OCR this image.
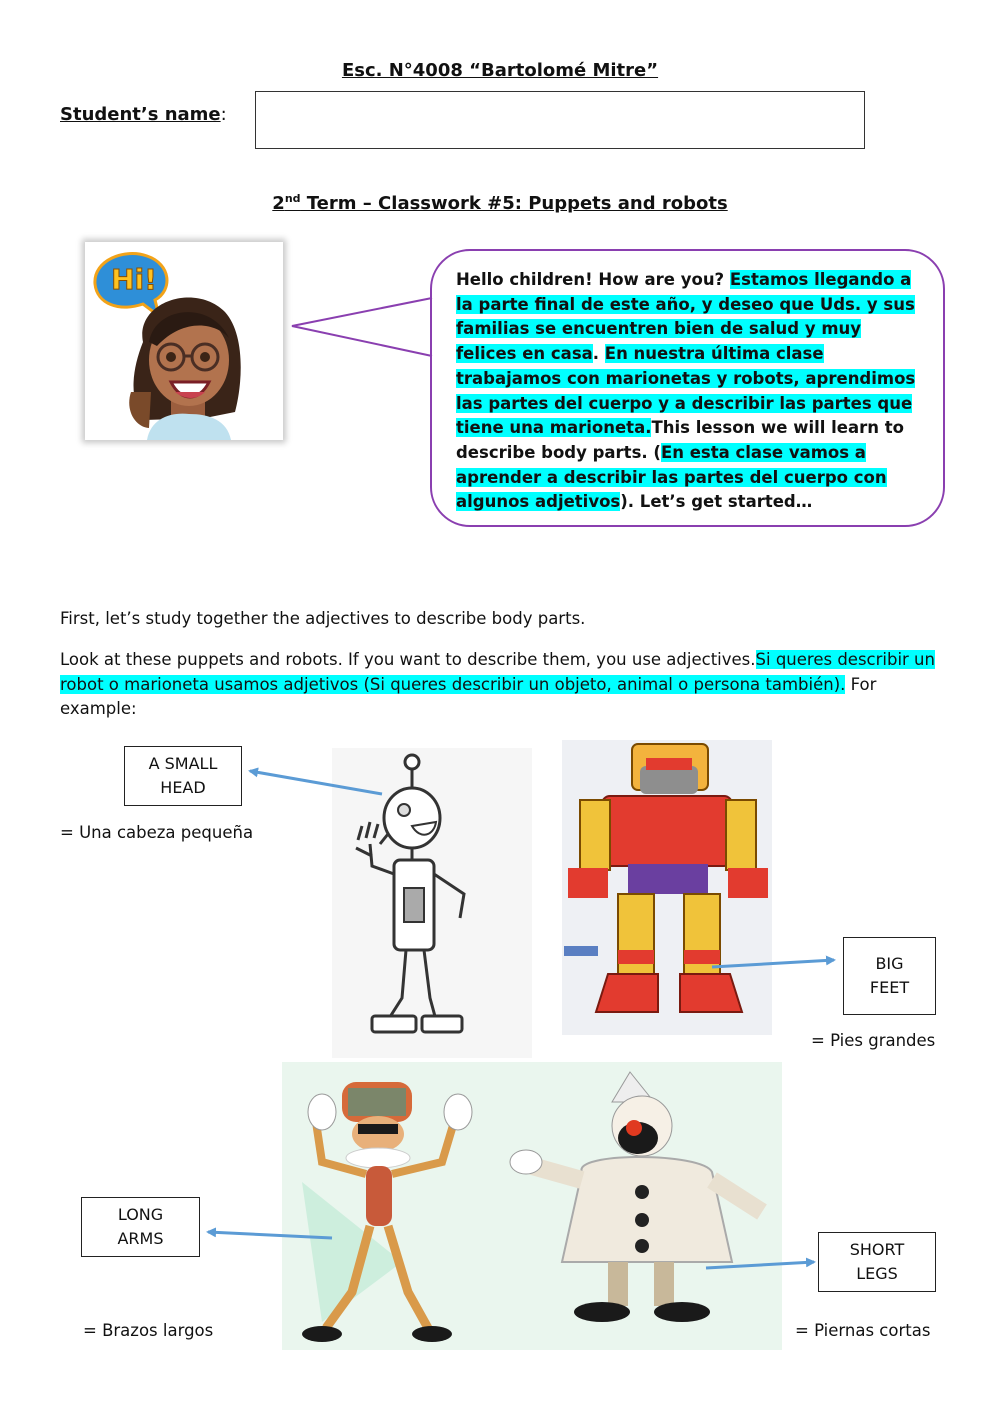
Esc. N°4008 “Bartolomé Mitre”
Student’s name:
2nd Term – Classwork #5: Puppets and robots
Hi!	Hello children! How are you? Estamos llegando a la parte final de este año, y deseo que Uds. y sus familias se encuentren bien de salud y muy felices en casa. En nuestra última clase trabajamos con marionetas y robots, aprendimos las partes del cuerpo y a describir las partes que tiene una marioneta.This lesson we will learn to describe body parts. (En esta clase vamos a aprender a describir las partes del cuerpo con algunos adjetivos). Let’s get started…
First, let’s study together the adjectives to describe body parts.
Look at these puppets and robots. If you want to describe them, you use adjectives.Si queres describir un robot o marioneta usamos adjetivos (Si queres describir un objeto, animal o persona también). For example:
A SMALL
HEAD
= Una cabeza pequeña
BIG
FEET
= Pies grandes
LONG
ARMS
= Brazos largos
SHORT
LEGS
= Piernas cortas
